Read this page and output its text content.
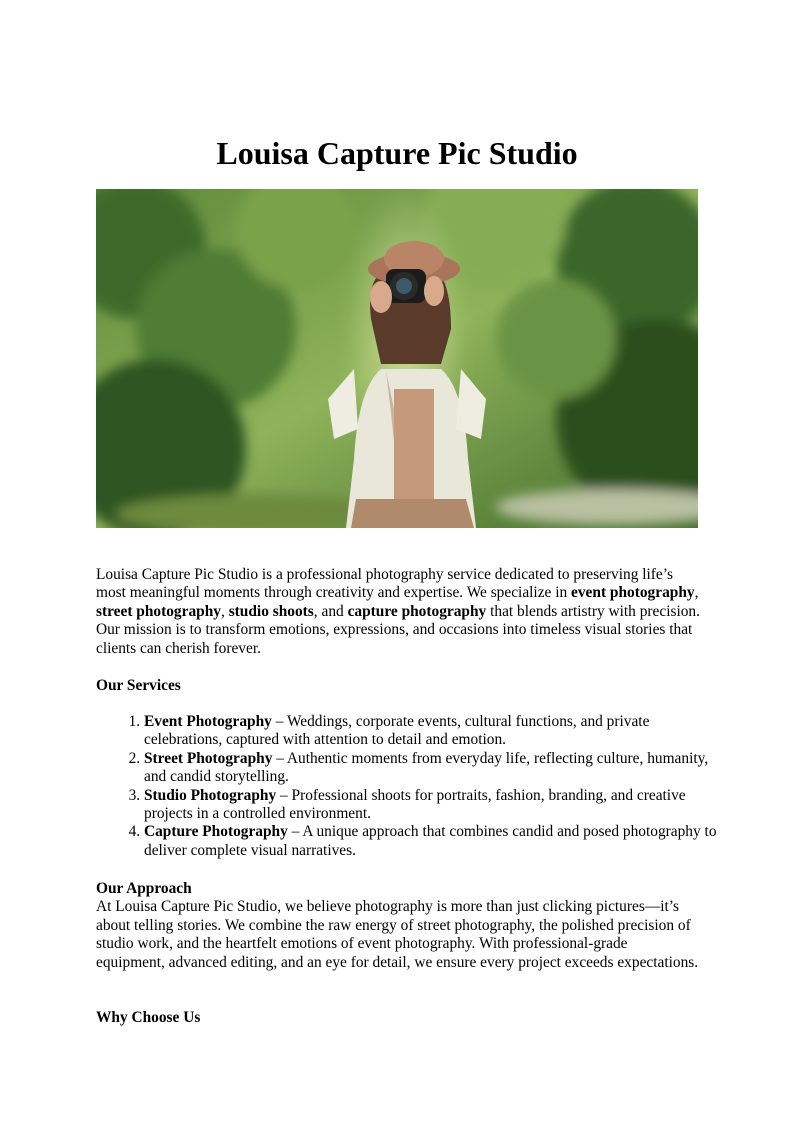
Louisa Capture Pic Studio

Louisa Capture Pic Studio is a professional photography service dedicated to preserving life’s most meaningful moments through creativity and expertise. We specialize in event photography, street photography, studio shoots, and capture photography that blends artistry with precision. Our mission is to transform emotions, expressions, and occasions into timeless visual stories that clients can cherish forever.

Our Services
1. Event Photography – Weddings, corporate events, cultural functions, and private celebrations, captured with attention to detail and emotion.
2. Street Photography – Authentic moments from everyday life, reflecting culture, humanity, and candid storytelling.
3. Studio Photography – Professional shoots for portraits, fashion, branding, and creative projects in a controlled environment.
4. Capture Photography – A unique approach that combines candid and posed photography to deliver complete visual narratives.
Our Approach
At Louisa Capture Pic Studio, we believe photography is more than just clicking pictures—it’s about telling stories. We combine the raw energy of street photography, the polished precision of studio work, and the heartfelt emotions of event photography. With professional-grade equipment, advanced editing, and an eye for detail, we ensure every project exceeds expectations.
Why Choose Us
